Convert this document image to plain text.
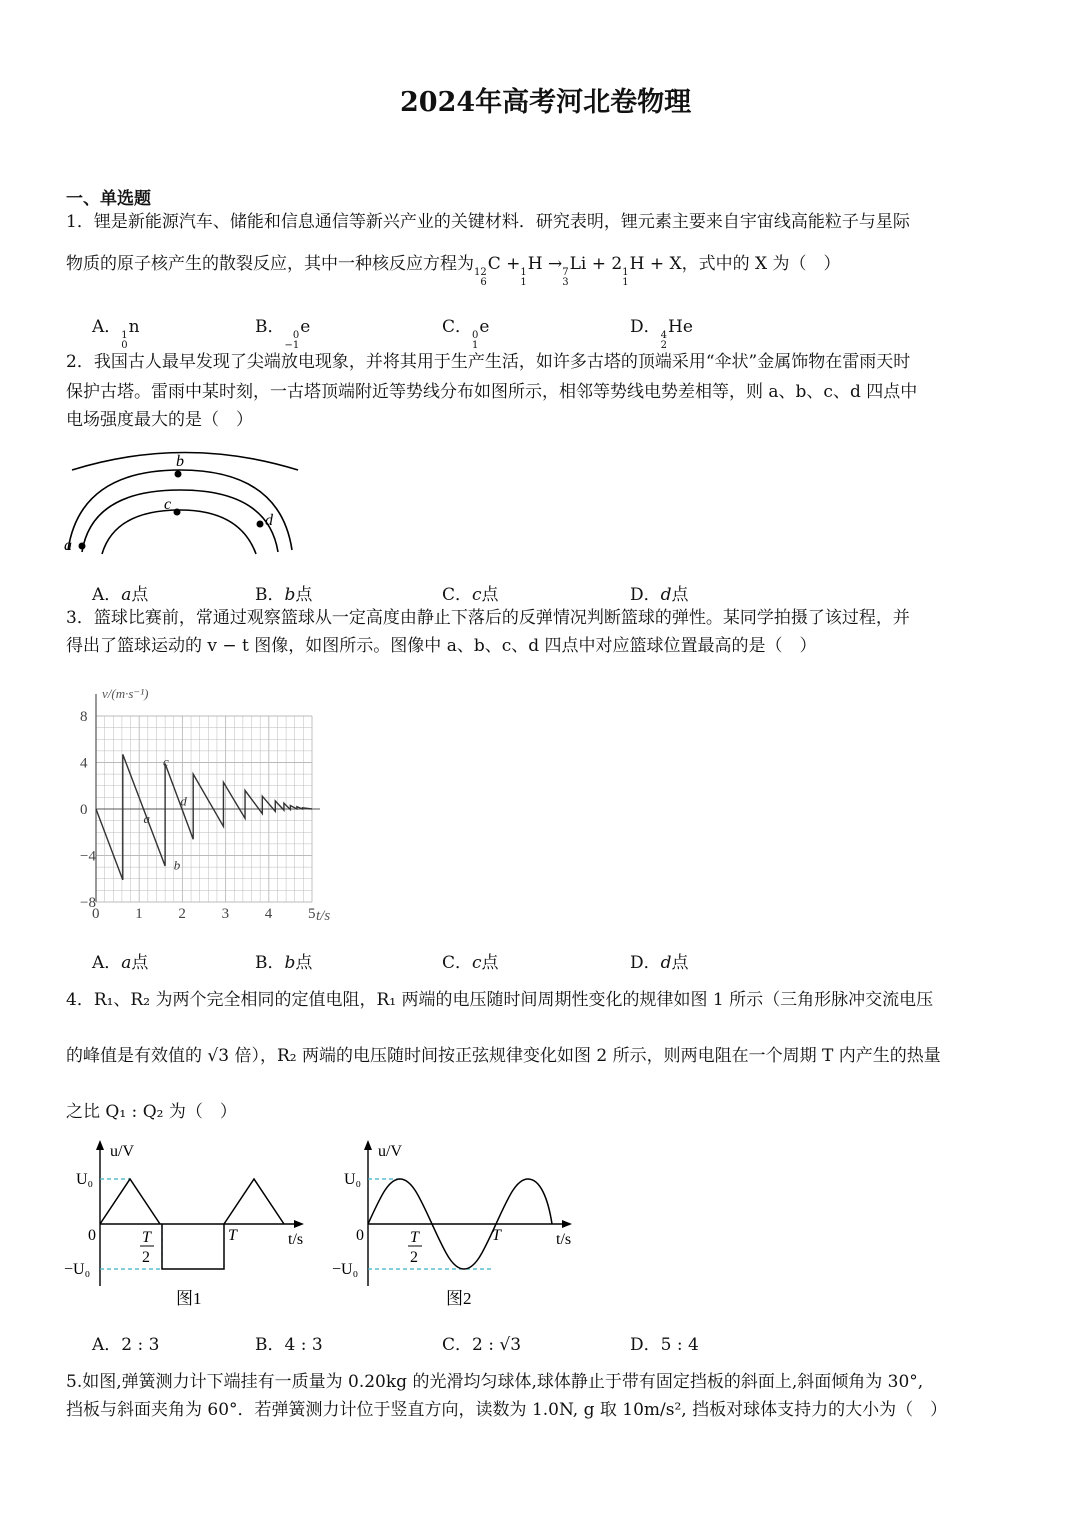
2024年高考河北卷物理
一、单选题
1．锂是新能源汽车、储能和信息通信等新兴产业的关键材料．研究表明，锂元素主要来自宇宙线高能粒子与星际
物质的原子核产生的散裂反应，其中一种核反应方程为 12
6
C + 1
1
H → 7
3
Li + 2 1
1
H + X，式中的 X 为（　）
A． 1
0
n	B． 0
−1
e	C． 0
1
e	D． 4
2
He
2．我国古人最早发现了尖端放电现象，并将其用于生产生活，如许多古塔的顶端采用“伞状”金属饰物在雷雨天时
保护古塔。雷雨中某时刻，一古塔顶端附近等势线分布如图所示，相邻等势线电势差相等，则 a、b、c、d 四点中
电场强度最大的是（　）
b
c
d
a
A．a点	B．b点	C．c点	D．d点
3．篮球比赛前，常通过观察篮球从一定高度由静止下落后的反弹情况判断篮球的弹性。某同学拍摄了该过程，并
得出了篮球运动的 v − t 图像，如图所示。图像中 a、b、c、d 四点中对应篮球位置最高的是（　）
0 1 2 3 4 5
8
4
0
−4
−8
v/(m·s⁻¹)
t/s
a
b
c
d
A．a点	B．b点	C．c点	D．d点
4．R₁、R₂ 为两个完全相同的定值电阻，R₁ 两端的电压随时间周期性变化的规律如图 1 所示（三角形脉冲交流电压
的峰值是有效值的 √3 倍），R₂ 两端的电压随时间按正弦规律变化如图 2 所示，则两电阻在一个周期 T 内产生的热量
之比 Q₁ : Q₂ 为（　）
u/V
U₀
−U₀
0	T
2
T	t/s
图1
u/V
U₀
−U₀
0	T
2
T	t/s
图2
A．2 : 3	B．4 : 3	C．2 : √3	D．5 : 4
5.如图,弹簧测力计下端挂有一质量为 0.20kg 的光滑均匀球体,球体静止于带有固定挡板的斜面上,斜面倾角为 30°,
挡板与斜面夹角为 60°．若弹簧测力计位于竖直方向，读数为 1.0N, g 取 10m/s², 挡板对球体支持力的大小为（　）
